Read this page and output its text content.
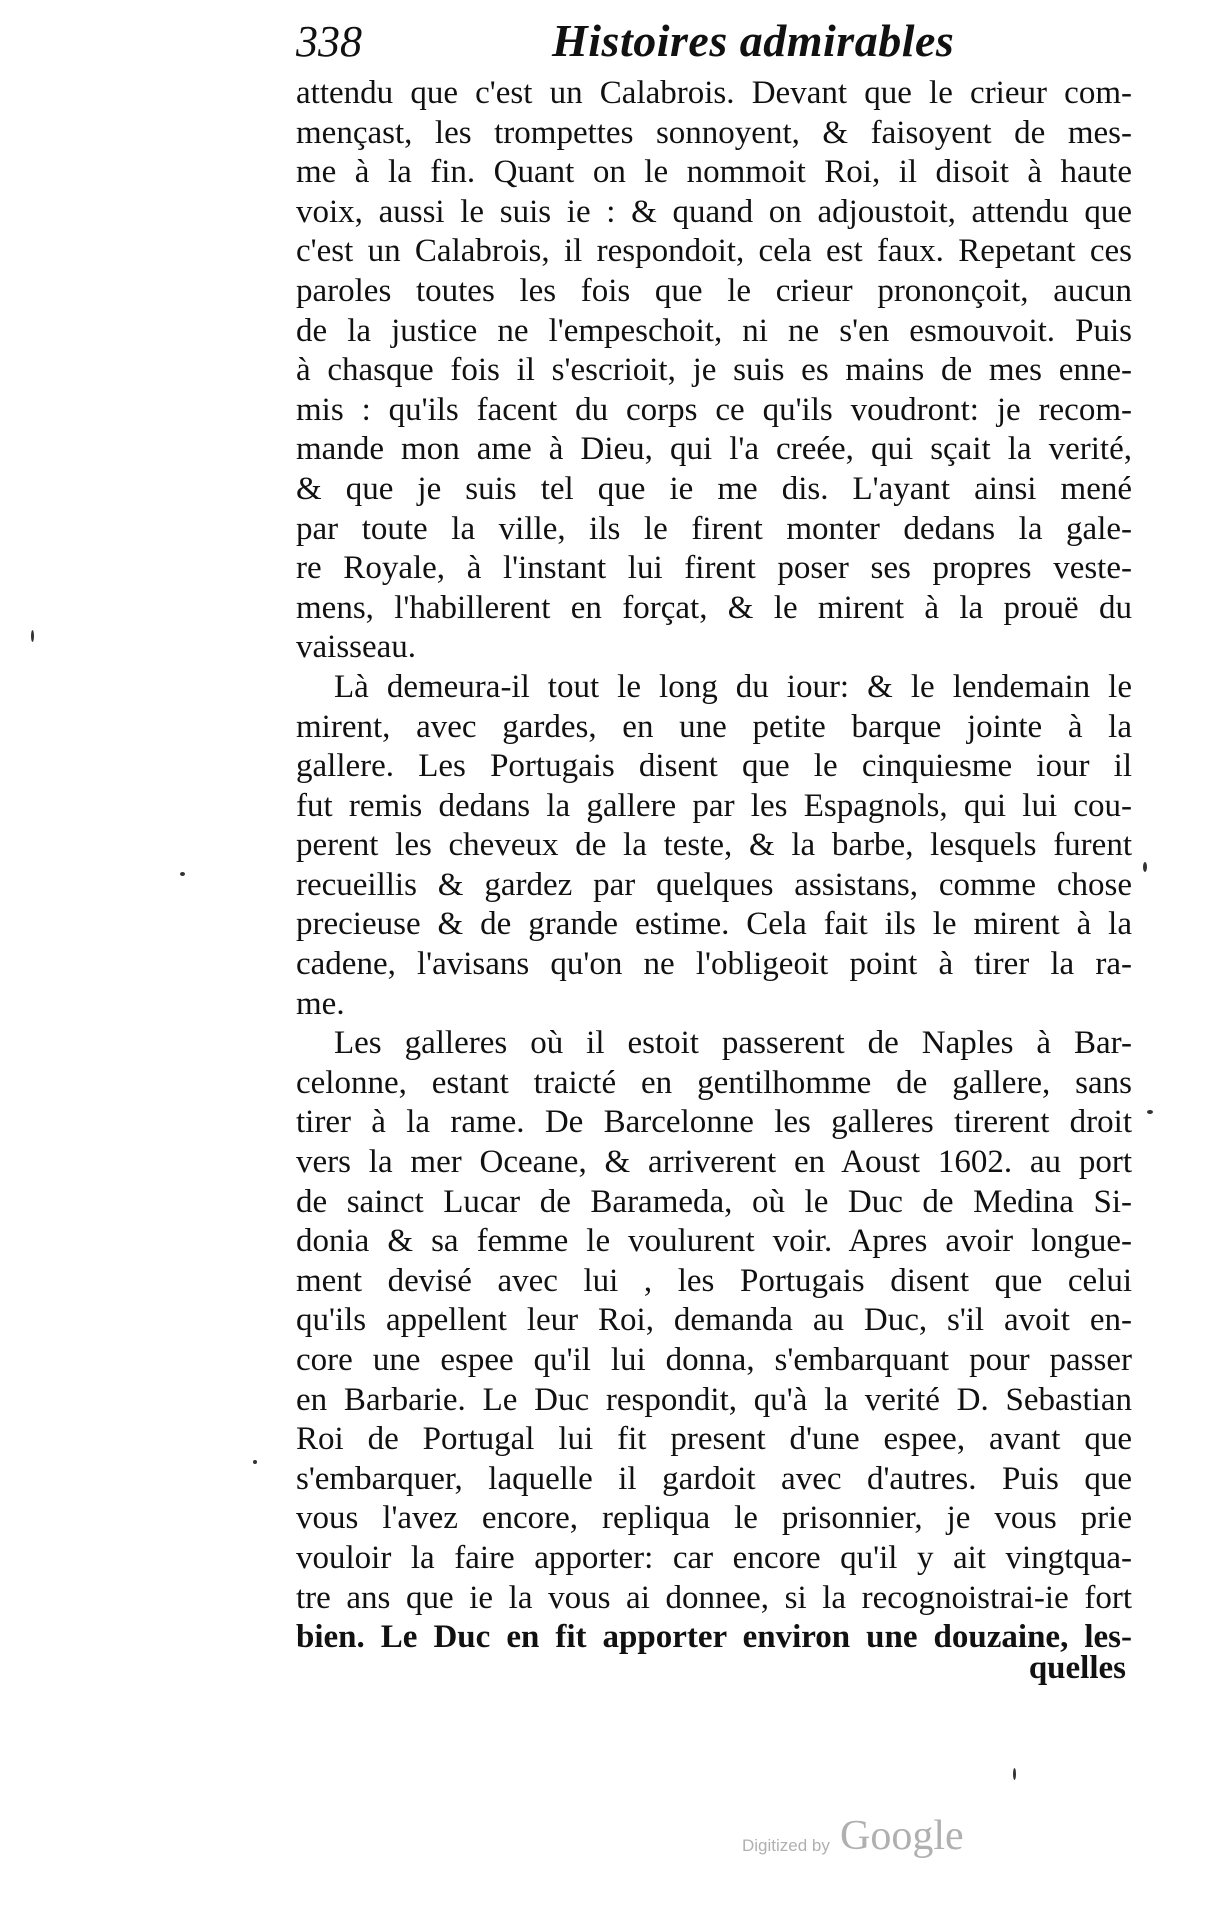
338	Histoires admirables
attendu que c'est un Calabrois. Devant que le crieur com-
mençast, les trompettes sonnoyent, & faisoyent de mes-
me à la fin. Quant on le nommoit Roi, il disoit à haute
voix, aussi le suis ie : & quand on adjoustoit, attendu que
c'est un Calabrois, il respondoit, cela est faux. Repetant ces
paroles toutes les fois que le crieur prononçoit, aucun
de la justice ne l'empeschoit, ni ne s'en esmouvoit. Puis
à chasque fois il s'escrioit, je suis es mains de mes enne-
mis : qu'ils facent du corps ce qu'ils voudront: je recom-
mande mon ame à Dieu, qui l'a creée, qui sçait la verité,
& que je suis tel que ie me dis. L'ayant ainsi mené
par toute la ville, ils le firent monter dedans la gale-
re Royale, à l'instant lui firent poser ses propres veste-
mens, l'habillerent en forçat, & le mirent à la prouë du
vaisseau.
Là demeura-il tout le long du iour: & le lendemain le
mirent, avec gardes, en une petite barque jointe à la
gallere. Les Portugais disent que le cinquiesme iour il
fut remis dedans la gallere par les Espagnols, qui lui cou-
perent les cheveux de la teste, & la barbe, lesquels furent
recueillis & gardez par quelques assistans, comme chose
precieuse & de grande estime. Cela fait ils le mirent à la
cadene, l'avisans qu'on ne l'obligeoit point à tirer la ra-
me.
Les galleres où il estoit passerent de Naples à Bar-
celonne, estant traicté en gentilhomme de gallere, sans
tirer à la rame. De Barcelonne les galleres tirerent droit
vers la mer Oceane, & arriverent en Aoust 1602. au port
de sainct Lucar de Barameda, où le Duc de Medina Si-
donia & sa femme le voulurent voir. Apres avoir longue-
ment devisé avec lui , les Portugais disent que celui
qu'ils appellent leur Roi, demanda au Duc, s'il avoit en-
core une espee qu'il lui donna, s'embarquant pour passer
en Barbarie. Le Duc respondit, qu'à la verité D. Sebastian
Roi de Portugal lui fit present d'une espee, avant que
s'embarquer, laquelle il gardoit avec d'autres. Puis que
vous l'avez encore, repliqua le prisonnier, je vous prie
vouloir la faire apporter: car encore qu'il y ait vingtqua-
tre ans que ie la vous ai donnee, si la recognoistrai-ie fort
bien. Le Duc en fit apporter environ une douzaine, les-
quelles
Digitized by Google
